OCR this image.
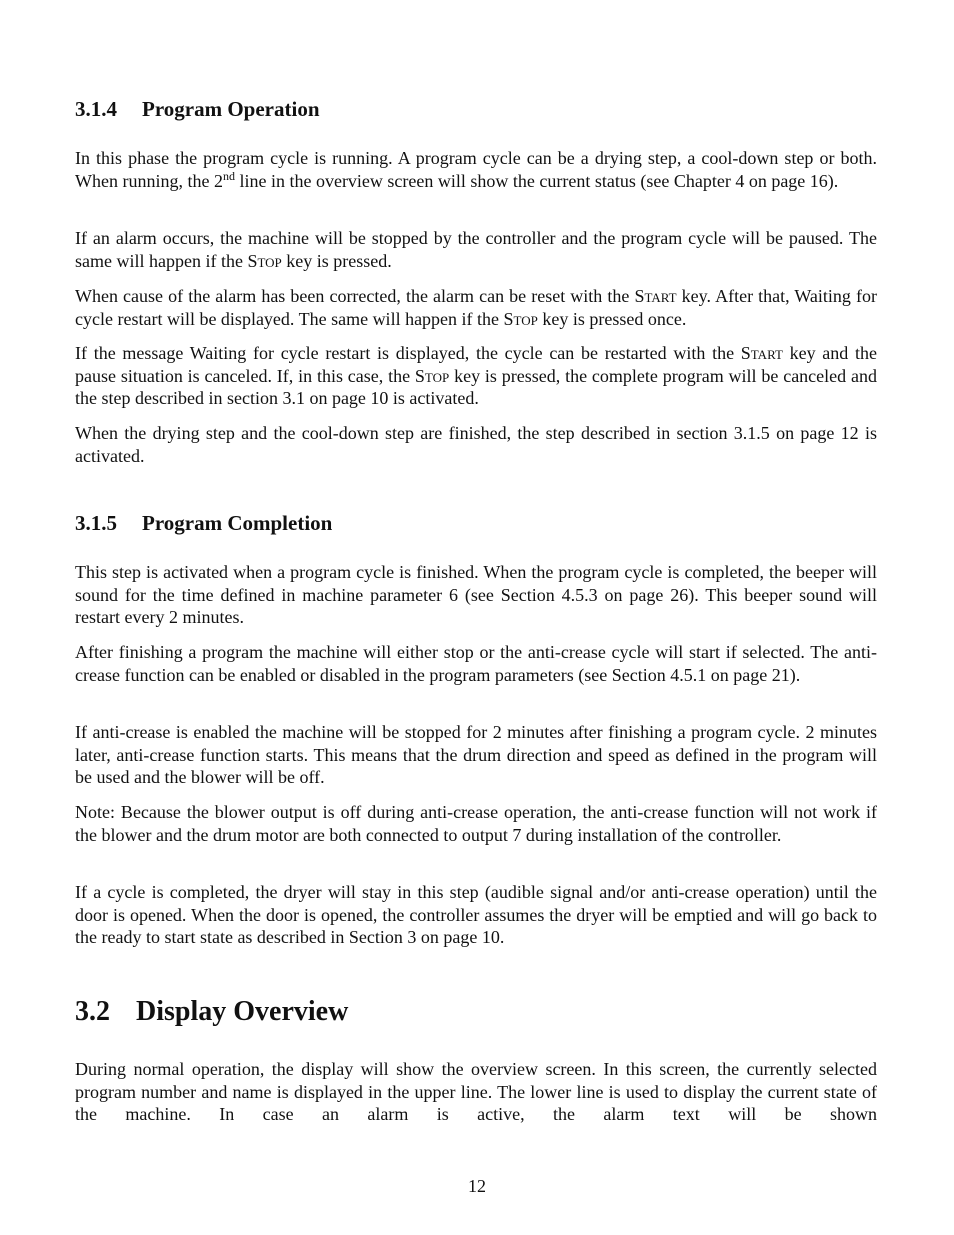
3.1.4 Program Operation

In this phase the program cycle is running. A program cycle can be a drying step, a cool-down step or both. When running, the 2nd line in the overview screen will show the current status (see Chapter 4 on page 16).

If an alarm occurs, the machine will be stopped by the controller and the program cycle will be paused. The same will happen if the Stop key is pressed.

When cause of the alarm has been corrected, the alarm can be reset with the Start key. After that, Waiting for cycle restart will be displayed. The same will happen if the Stop key is pressed once.

If the message Waiting for cycle restart is displayed, the cycle can be restarted with the Start key and the pause situation is canceled. If, in this case, the Stop key is pressed, the complete program will be canceled and the step described in section 3.1 on page 10 is activated.

When the drying step and the cool-down step are finished, the step described in section 3.1.5 on page 12 is activated.

3.1.5 Program Completion

This step is activated when a program cycle is finished. When the program cycle is completed, the beeper will sound for the time defined in machine parameter 6 (see Section 4.5.3 on page 26). This beeper sound will restart every 2 minutes.

After finishing a program the machine will either stop or the anti-crease cycle will start if selected. The anti-crease function can be enabled or disabled in the program parameters (see Section 4.5.1 on page 21).

If anti-crease is enabled the machine will be stopped for 2 minutes after finishing a program cycle. 2 minutes later, anti-crease function starts. This means that the drum direction and speed as defined in the program will be used and the blower will be off.

Note: Because the blower output is off during anti-crease operation, the anti-crease function will not work if the blower and the drum motor are both connected to output 7 during installation of the controller.

If a cycle is completed, the dryer will stay in this step (audible signal and/or anti-crease operation) until the door is opened. When the door is opened, the controller assumes the dryer will be emptied and will go back to the ready to start state as described in Section 3 on page 10.

3.2 Display Overview

During normal operation, the display will show the overview screen. In this screen, the currently selected program number and name is displayed in the upper line. The lower line is used to display the current state of the machine. In case an alarm is active, the alarm text will be shown

12
